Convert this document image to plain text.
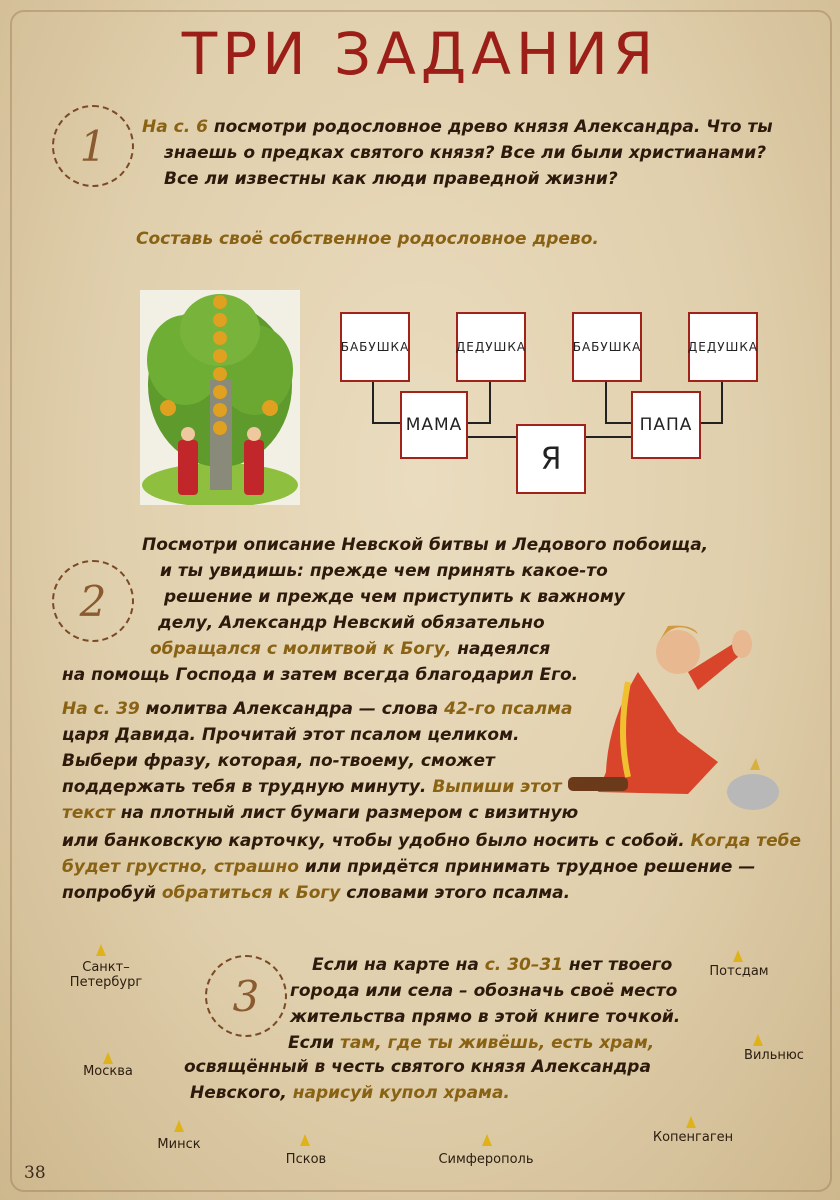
ТРИ ЗАДАНИЯ
1 На с. 6 посмотри родословное древо князя Александра. Что ты
знаешь о предках святого князя? Все ли были христианами?
Все ли известны как люди праведной жизни?
Составь своё собственное родословное древо.
БАБУШКА	ДЕДУШКА	БАБУШКА	ДЕДУШКА
МАМА	ПАПА
Я
2
Посмотри описание Невской битвы и Ледового побоища,
и ты увидишь: прежде чем принять какое-то
решение и прежде чем приступить к важному
делу, Александр Невский обязательно
обращался с молитвой к Богу, надеялся
на помощь Господа и затем всегда благодарил Его.
На с. 39 молитва Александра — слова 42-го псалма
царя Давида. Прочитай этот псалом целиком.
Выбери фразу, которая, по-твоему, сможет
поддержать тебя в трудную минуту. Выпиши этот
текст на плотный лист бумаги размером с визитную
или банковскую карточку, чтобы удобно было носить с собой. Когда тебе
будет грустно, страшно или придётся принимать трудное решение —
попробуй обратиться к Богу словами этого псалма.
3
Если на карте на с. 30–31 нет твоего
города или села – обозначь своё место
жительства прямо в этой книге точкой.
Если там, где ты живёшь, есть храм,
освящённый в честь святого князя Александра
Невского, нарисуй купол храма.
Санкт–
Петербург
Москва
Минск
Псков	Симферополь
Копенгаген
Вильнюс
Потсдам
38
